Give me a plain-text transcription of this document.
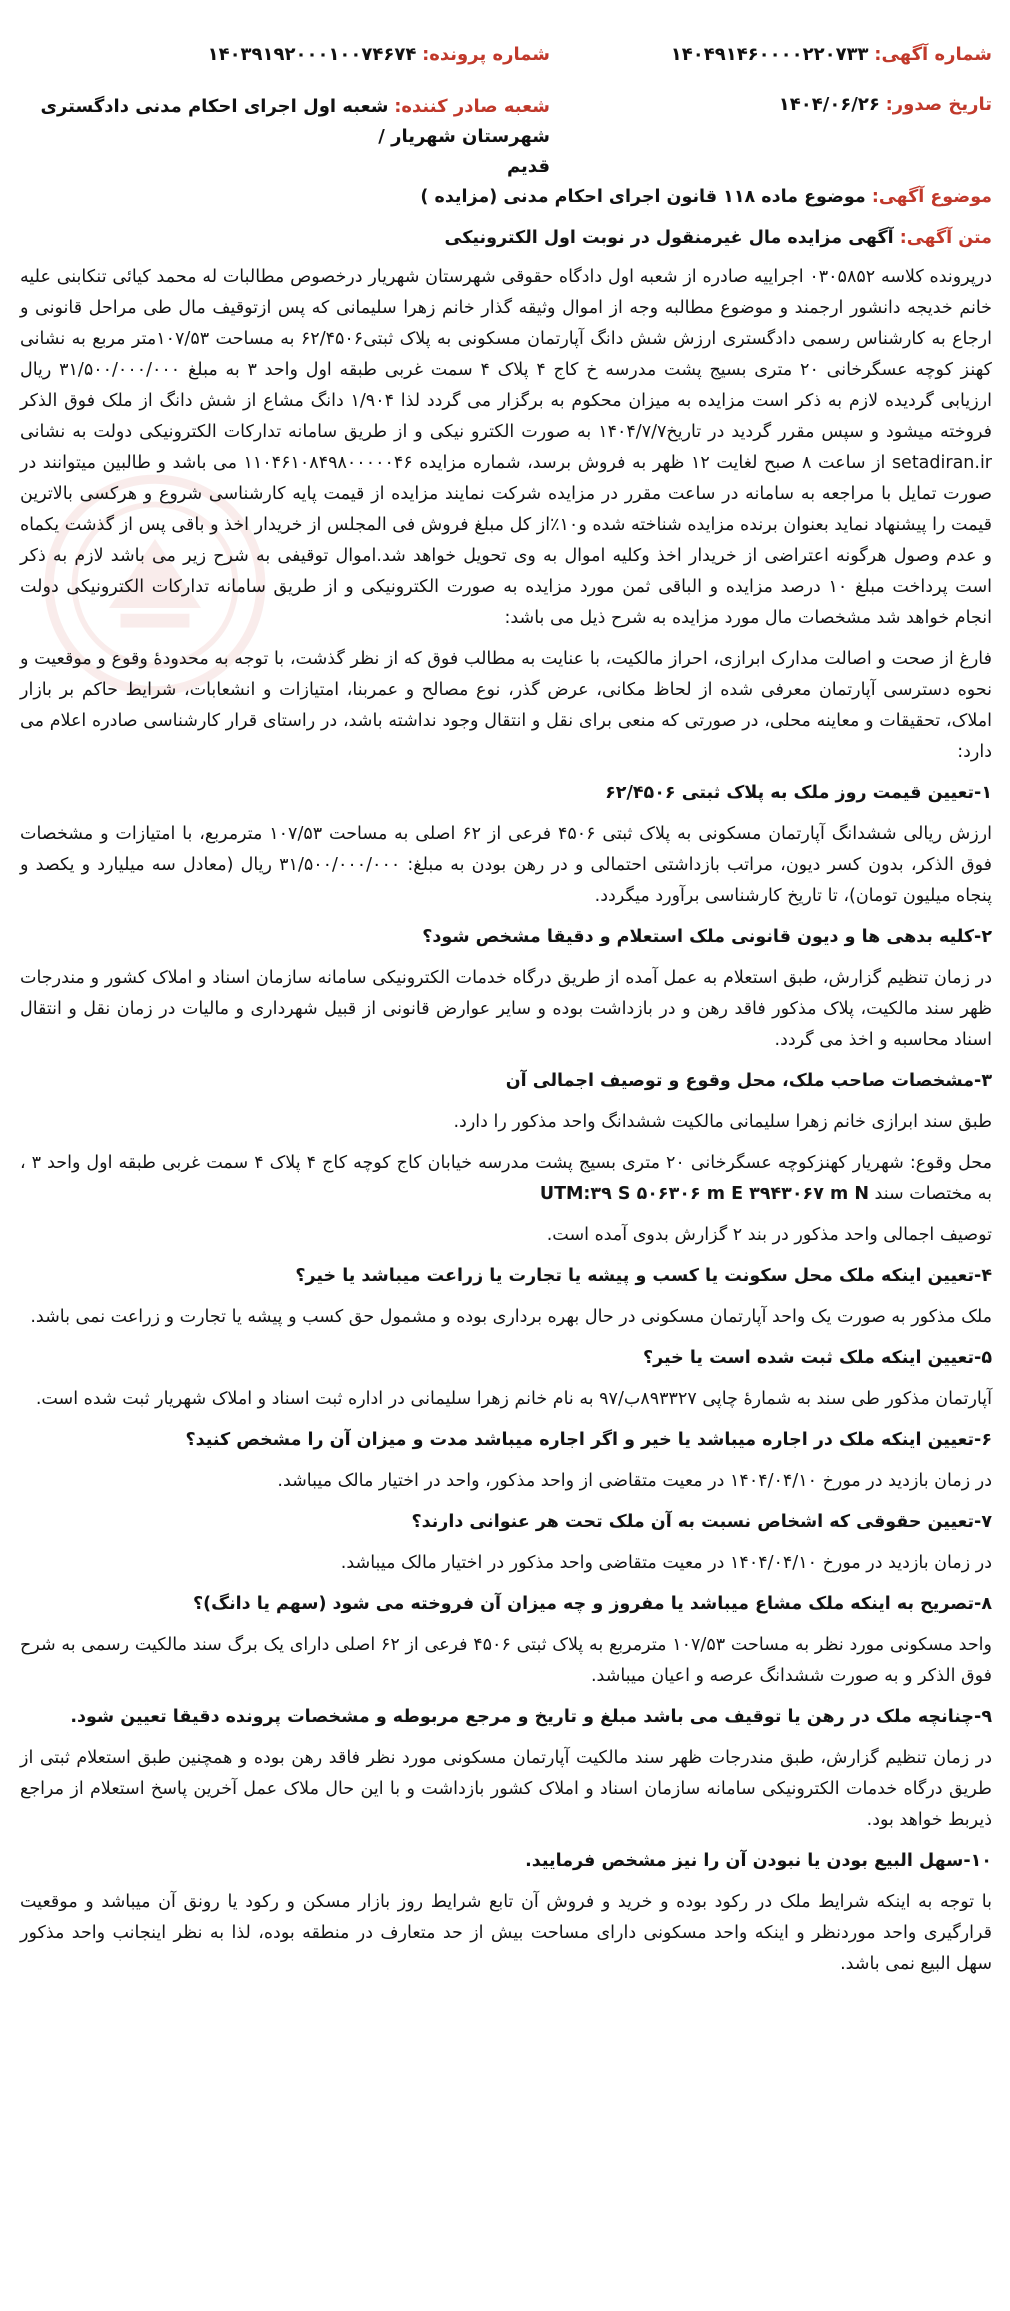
شماره آگهی: ۱۴۰۴۹۱۴۶۰۰۰۰۲۲۰۷۳۳
شماره پرونده: ۱۴۰۳۹۱۹۲۰۰۰۱۰۰۷۴۶۷۴
تاریخ صدور: ۱۴۰۴/۰۶/۲۶
شعبه صادر کننده: شعبه اول اجرای احکام مدنی دادگستری شهرستان شهریار /
قدیم

موضوع آگهی: موضوع ماده ۱۱۸ قانون اجرای احکام مدنی (مزایده )

متن آگهی: آگهی مزایده مال غیرمنقول در نوبت اول الکترونیکی

درپرونده کلاسه ۰۳۰۵۸۵۲ اجراییه صادره از شعبه اول دادگاه حقوقی شهرستان شهریار درخصوص مطالبات له محمد کیائی تنکابنی علیه خانم خدیجه دانشور ارجمند و موضوع مطالبه وجه از اموال وثیقه گذار خانم زهرا سلیمانی که پس ازتوقیف مال طی مراحل قانونی و ارجاع به کارشناس رسمی دادگستری ارزش شش دانگ آپارتمان مسکونی به پلاک ثبتی۶۲/۴۵۰۶ به مساحت ۱۰۷/۵۳متر مربع به نشانی کهنز کوچه عسگرخانی ۲۰ متری بسیج پشت مدرسه خ کاج ۴ پلاک ۴ سمت غربی طبقه اول واحد ۳ به مبلغ ۳۱/۵۰۰/۰۰۰/۰۰۰ ریال ارزیابی گردیده لازم به ذکر است مزایده به میزان محکوم به برگزار می گردد لذا ۱/۹۰۴ دانگ مشاع از شش دانگ از ملک فوق الذکر فروخته میشود و سپس مقرر گردید در تاریخ۱۴۰۴/۷/۷ به صورت الکترو نیکی و از طریق سامانه تدارکات الکترونیکی دولت به نشانی setadiran.ir از ساعت ۸ صبح لغایت ۱۲ ظهر به فروش برسد، شماره مزایده ۱۱۰۴۶۱۰۸۴۹۸۰۰۰۰۰۴۶ می باشد و طالبین میتوانند در صورت تمایل با مراجعه به سامانه در ساعت مقرر در مزایده شرکت نمایند مزایده از قیمت پایه کارشناسی شروع و هرکسی بالاترین قیمت را پیشنهاد نماید بعنوان برنده مزایده شناخته شده و۱۰٪از کل مبلغ فروش فی المجلس از خریدار اخذ و باقی پس از گذشت یکماه و عدم وصول هرگونه اعتراضی از خریدار اخذ وکلیه اموال به وی تحویل خواهد شد.اموال توقیفی به شرح زیر می باشد لازم به ذکر است پرداخت مبلغ ۱۰ درصد مزایده و الباقی ثمن مورد مزایده به صورت الکترونیکی و از طریق سامانه تدارکات الکترونیکی دولت انجام خواهد شد مشخصات مال مورد مزایده به شرح ذیل می باشد:

فارغ از صحت و اصالت مدارک ابرازی، احراز مالکیت، با عنایت به مطالب فوق که از نظر گذشت، با توجه به محدودهٔ وقوع و موقعیت و نحوه دسترسی آپارتمان معرفی شده از لحاظ مکانی، عرض گذر، نوع مصالح و عمربنا، امتیازات و انشعابات، شرایط حاکم بر بازار املاک، تحقیقات و معاینه محلی، در صورتی که منعی برای نقل و انتقال وجود نداشته باشد، در راستای قرار کارشناسی صادره اعلام می دارد:

۱-تعیین قیمت روز ملک به پلاک ثبتی ۶۲/۴۵۰۶

ارزش ریالی ششدانگ آپارتمان مسکونی به پلاک ثبتی ۴۵۰۶ فرعی از ۶۲ اصلی به مساحت ۱۰۷/۵۳ مترمربع، با امتیازات و مشخصات فوق الذکر، بدون کسر دیون، مراتب بازداشتی احتمالی و در رهن بودن به مبلغ: ۳۱/۵۰۰/۰۰۰/۰۰۰ ریال (معادل سه میلیارد و یکصد و پنجاه میلیون تومان)، تا تاریخ کارشناسی برآورد میگردد.

۲-کلیه بدهی ها و دیون قانونی ملک استعلام و دقیقا مشخص شود؟

در زمان تنظیم گزارش، طبق استعلام به عمل آمده از طریق درگاه خدمات الکترونیکی سامانه سازمان اسناد و املاک کشور و مندرجات ظهر سند مالکیت، پلاک مذکور فاقد رهن و در بازداشت بوده و سایر عوارض قانونی از قبیل شهرداری و مالیات در زمان نقل و انتقال اسناد محاسبه و اخذ می گردد.

۳-مشخصات صاحب ملک، محل وقوع و توصیف اجمالی آن

طبق سند ابرازی خانم زهرا سلیمانی مالکیت ششدانگ واحد مذکور را دارد.

محل وقوع: شهریار کهنزکوچه عسگرخانی ۲۰ متری بسیج پشت مدرسه خیابان کاج کوچه کاج ۴ پلاک ۴ سمت غربی طبقه اول واحد ۳ ، به مختصات سند UTM:۳۹ S ۵۰۶۳۰۶ m E ۳۹۴۳۰۶۷ m N

توصیف اجمالی واحد مذکور در بند ۲ گزارش بدوی آمده است.

۴-تعیین اینکه ملک محل سکونت یا کسب و پیشه یا تجارت یا زراعت میباشد یا خیر؟

ملک مذکور به صورت یک واحد آپارتمان مسکونی در حال بهره برداری بوده و مشمول حق کسب و پیشه یا تجارت و زراعت نمی باشد.

۵-تعیین اینکه ملک ثبت شده است یا خیر؟

آپارتمان مذکور طی سند به شمارهٔ چاپی ۸۹۳۳۲۷ب/۹۷ به نام خانم زهرا سلیمانی در اداره ثبت اسناد و املاک شهریار ثبت شده است.

۶-تعیین اینکه ملک در اجاره میباشد یا خیر و اگر اجاره میباشد مدت و میزان آن را مشخص کنید؟

در زمان بازدید در مورخ ۱۴۰۴/۰۴/۱۰ در معیت متقاضی از واحد مذکور، واحد در اختیار مالک میباشد.

۷-تعیین حقوقی که اشخاص نسبت به آن ملک تحت هر عنوانی دارند؟

در زمان بازدید در مورخ ۱۴۰۴/۰۴/۱۰ در معیت متقاضی واحد مذکور در اختیار مالک میباشد.

۸-تصریح به اینکه ملک مشاع میباشد یا مفروز و چه میزان آن فروخته می شود (سهم یا دانگ)؟

واحد مسکونی مورد نظر به مساحت ۱۰۷/۵۳ مترمربع به پلاک ثبتی ۴۵۰۶ فرعی از ۶۲ اصلی دارای یک برگ سند مالکیت رسمی به شرح فوق الذکر و به صورت ششدانگ عرصه و اعیان میباشد.

۹-چنانچه ملک در رهن یا توقیف می باشد مبلغ و تاریخ و مرجع مربوطه و مشخصات پرونده دقیقا تعیین شود.

در زمان تنظیم گزارش، طبق مندرجات ظهر سند مالکیت آپارتمان مسکونی مورد نظر فاقد رهن بوده و همچنین طبق استعلام ثبتی از طریق درگاه خدمات الکترونیکی سامانه سازمان اسناد و املاک کشور بازداشت و با این حال ملاک عمل آخرین پاسخ استعلام از مراجع ذیربط خواهد بود.

۱۰-سهل البیع بودن یا نبودن آن را نیز مشخص فرمایید.

با توجه به اینکه شرایط ملک در رکود بوده و خرید و فروش آن تابع شرایط روز بازار مسکن و رکود یا رونق آن میباشد و موقعیت قرارگیری واحد موردنظر و اینکه واحد مسکونی دارای مساحت بیش از حد متعارف در منطقه بوده، لذا به نظر اینجانب واحد مذکور سهل البیع نمی باشد.
